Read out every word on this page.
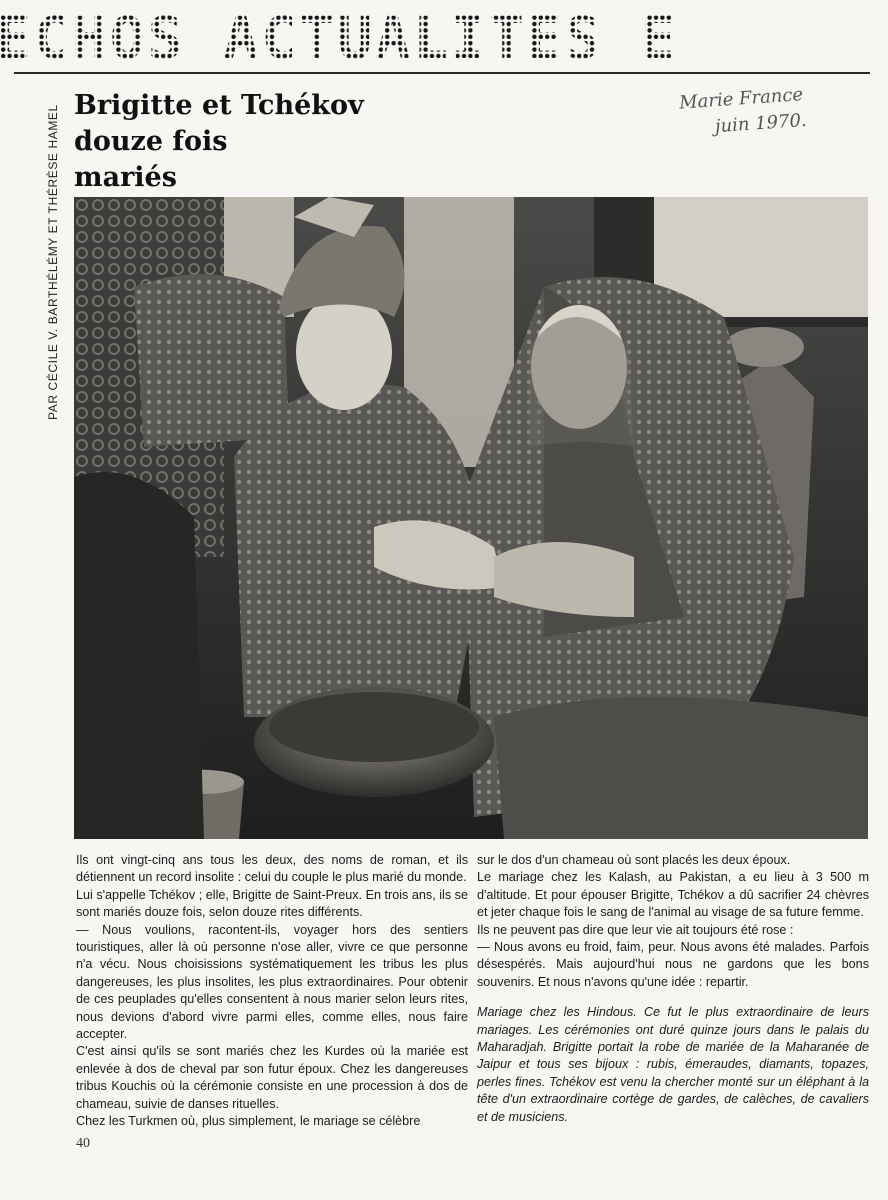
PAR CÉCILE V. BARTHÉLÉMY ET THÉRÈSE HAMEL Brigitte et Tchékov
douze fois
mariés
Marie France
juin 1970.

Ils ont vingt-cinq ans tous les deux, des noms de roman, et ils détiennent un record insolite : celui du couple le plus marié du monde.

Lui s'appelle Tchékov ; elle, Brigitte de Saint-Preux. En trois ans, ils se sont mariés douze fois, selon douze rites différents.

— Nous voulions, racontent-ils, voyager hors des sentiers touristiques, aller là où personne n'ose aller, vivre ce que personne n'a vécu. Nous choisissions systématiquement les tribus les plus dangereuses, les plus insolites, les plus extraordinaires. Pour obtenir de ces peuplades qu'elles consentent à nous marier selon leurs rites, nous devions d'abord vivre parmi elles, comme elles, nous faire accepter.

C'est ainsi qu'ils se sont mariés chez les Kurdes où la mariée est enlevée à dos de cheval par son futur époux. Chez les dangereuses tribus Kouchis où la cérémonie consiste en une procession à dos de chameau, suivie de danses rituelles.

Chez les Turkmen où, plus simplement, le mariage se célèbre

sur le dos d'un chameau où sont placés les deux époux.

Le mariage chez les Kalash, au Pakistan, a eu lieu à 3 500 m d'altitude. Et pour épouser Brigitte, Tchékov a dû sacrifier 24 chèvres et jeter chaque fois le sang de l'animal au visage de sa future femme.

Ils ne peuvent pas dire que leur vie ait toujours été rose :

— Nous avons eu froid, faim, peur. Nous avons été malades. Parfois désespérés. Mais aujourd'hui nous ne gardons que les bons souvenirs. Et nous n'avons qu'une idée : repartir.

Mariage chez les Hindous. Ce fut le plus extraordinaire de leurs mariages. Les cérémonies ont duré quinze jours dans le palais du Maharadjah. Brigitte portait la robe de mariée de la Maharanée de Jaipur et tous ses bijoux : rubis, émeraudes, diamants, topazes, perles fines. Tchékov est venu la chercher monté sur un éléphant à la tête d'un extraordinaire cortège de gardes, de calèches, de cavaliers et de musiciens.

40
